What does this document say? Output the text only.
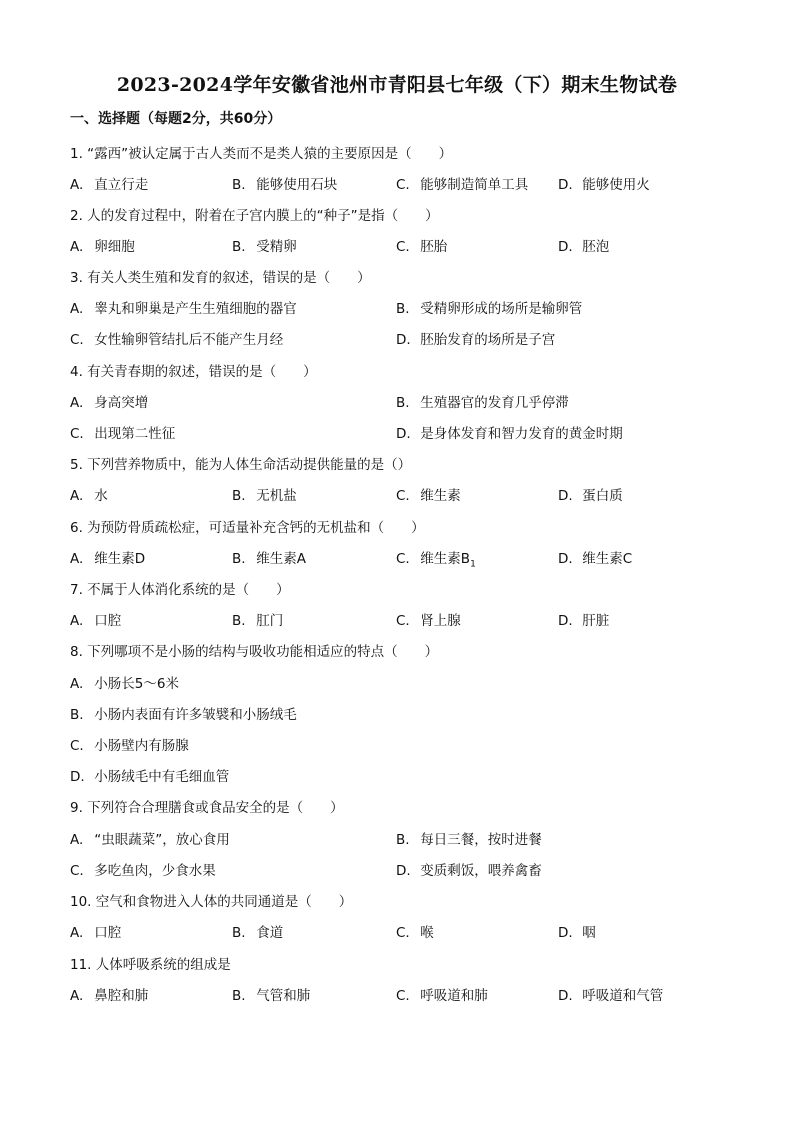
2023-2024学年安徽省池州市青阳县七年级（下）期末生物试卷
一、选择题（每题2分，共60分）
1. “露西”被认定属于古人类而不是类人猿的主要原因是（　　）
A. 直立行走	B. 能够使用石块	C. 能够制造简单工具 D. 能够使用火
2. 人的发育过程中，附着在子宫内膜上的“种子”是指（　　）
A. 卵细胞	B. 受精卵	C. 胚胎	D. 胚泡
3. 有关人类生殖和发育的叙述，错误的是（　　）
A. 睾丸和卵巢是产生生殖细胞的器官	B. 受精卵形成的场所是输卵管
C. 女性输卵管结扎后不能产生月经	D. 胚胎发育的场所是子宫
4. 有关青春期的叙述，错误的是（　　）
A. 身高突增	B. 生殖器官的发育几乎停滞
C. 出现第二性征	D. 是身体发育和智力发育的黄金时期
5. 下列营养物质中，能为人体生命活动提供能量的是（）
A. 水	B. 无机盐	C. 维生素	D. 蛋白质
6. 为预防骨质疏松症，可适量补充含钙的无机盐和（　　）
A. 维生素D	B. 维生素A	C. 维生素$B_1$	D. 维生素C
7. 不属于人体消化系统的是（　　）
A. 口腔	B. 肛门	C. 肾上腺	D. 肝脏
8. 下列哪项不是小肠的结构与吸收功能相适应的特点（　　）
A. 小肠长5～6米
B. 小肠内表面有许多皱襞和小肠绒毛
C. 小肠壁内有肠腺
D. 小肠绒毛中有毛细血管
9. 下列符合合理膳食或食品安全的是（　　）
A. “虫眼蔬菜”，放心食用	B. 每日三餐，按时进餐
C. 多吃鱼肉，少食水果	D. 变质剩饭，喂养禽畜
10. 空气和食物进入人体的共同通道是（　　）
A. 口腔	B. 食道	C. 喉	D. 咽
11. 人体呼吸系统的组成是
A. 鼻腔和肺	B. 气管和肺	C. 呼吸道和肺	D. 呼吸道和气管
